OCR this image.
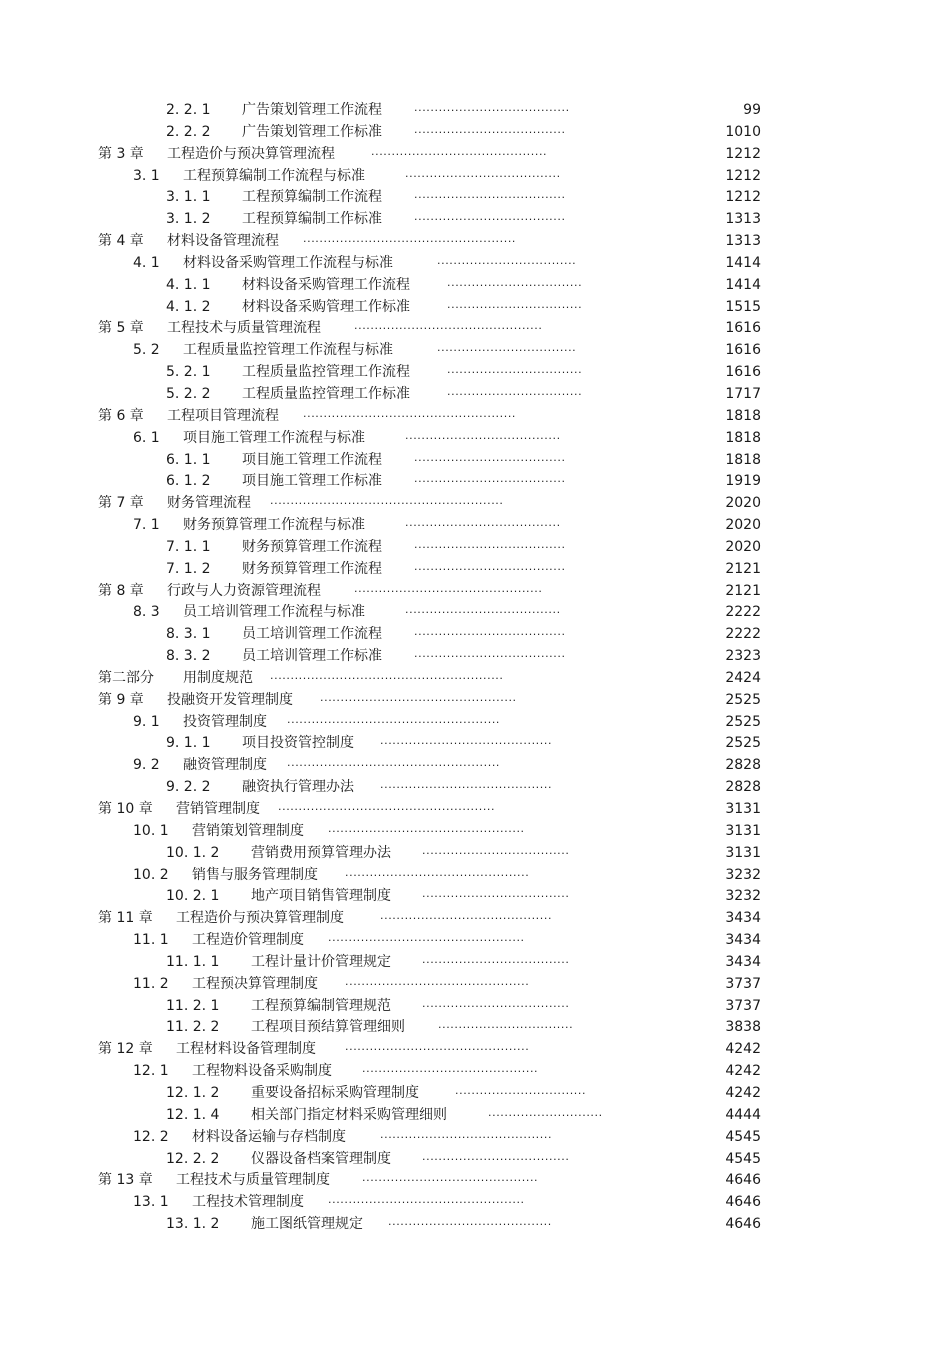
2. 2. 1 广告策划管理工作流程	......................................	99
2. 2. 2 广告策划管理工作标准	.....................................	1010
第 3 章 工程造价与预决算管理流程	...........................................	1212
3. 1 工程预算编制工作流程与标准	......................................	1212
3. 1. 1 工程预算编制工作流程	.....................................	1212
3. 1. 2 工程预算编制工作标准	.....................................	1313
第 4 章 材料设备管理流程 ....................................................	1313
4. 1 材料设备采购管理工作流程与标准	..................................	1414
4. 1. 1 材料设备采购管理工作流程	.................................	1414
4. 1. 2 材料设备采购管理工作标准	.................................	1515
第 5 章 工程技术与质量管理流程	..............................................	1616
5. 2 工程质量监控管理工作流程与标准	..................................	1616
5. 2. 1 工程质量监控管理工作流程	.................................	1616
5. 2. 2 工程质量监控管理工作标准	.................................	1717
第 6 章 工程项目管理流程 ....................................................	1818
6. 1 项目施工管理工作流程与标准	......................................	1818
6. 1. 1 项目施工管理工作流程	.....................................	1818
6. 1. 2 项目施工管理工作标准	.....................................	1919
第 7 章 财务管理流程 .........................................................	2020
7. 1 财务预算管理工作流程与标准	......................................	2020
7. 1. 1 财务预算管理工作流程	.....................................	2020
7. 1. 2 财务预算管理工作流程	.....................................	2121
第 8 章 行政与人力资源管理流程	..............................................	2121
8. 3 员工培训管理工作流程与标准	......................................	2222
8. 3. 1 员工培训管理工作流程	.....................................	2222
8. 3. 2 员工培训管理工作标准	.....................................	2323
第二部分 用制度规范 .........................................................	2424
第 9 章 投融资开发管理制度 ................................................	2525
9. 1 投资管理制度 ....................................................	2525
9. 1. 1 项目投资管控制度 ..........................................	2525
9. 2 融资管理制度 ....................................................	2828
9. 2. 2 融资执行管理办法 ..........................................	2828
第 10 章 营销管理制度 .....................................................	3131
10. 1 营销策划管理制度 ................................................	3131
10. 1. 2 营销费用预算管理办法	....................................	3131
10. 2 销售与服务管理制度 .............................................	3232
10. 2. 1 地产项目销售管理制度	....................................	3232
第 11 章 工程造价与预决算管理制度	..........................................	3434
11. 1 工程造价管理制度 ................................................	3434
11. 1. 1 工程计量计价管理规定	....................................	3434
11. 2 工程预决算管理制度 .............................................	3737
11. 2. 1 工程预算编制管理规范	....................................	3737
11. 2. 2 工程项目预结算管理细则	.................................	3838
第 12 章 工程材料设备管理制度	.............................................	4242
12. 1 工程物料设备采购制度	...........................................	4242
12. 1. 2 重要设备招标采购管理制度	................................	4242
12. 1. 4 相关部门指定材料采购管理细则	............................	4444
12. 2 材料设备运输与存档制度	..........................................	4545
12. 2. 2 仪器设备档案管理制度	....................................	4545
第 13 章 工程技术与质量管理制度	...........................................	4646
13. 1 工程技术管理制度 ................................................	4646
13. 1. 2 施工图纸管理规定 ........................................	4646
